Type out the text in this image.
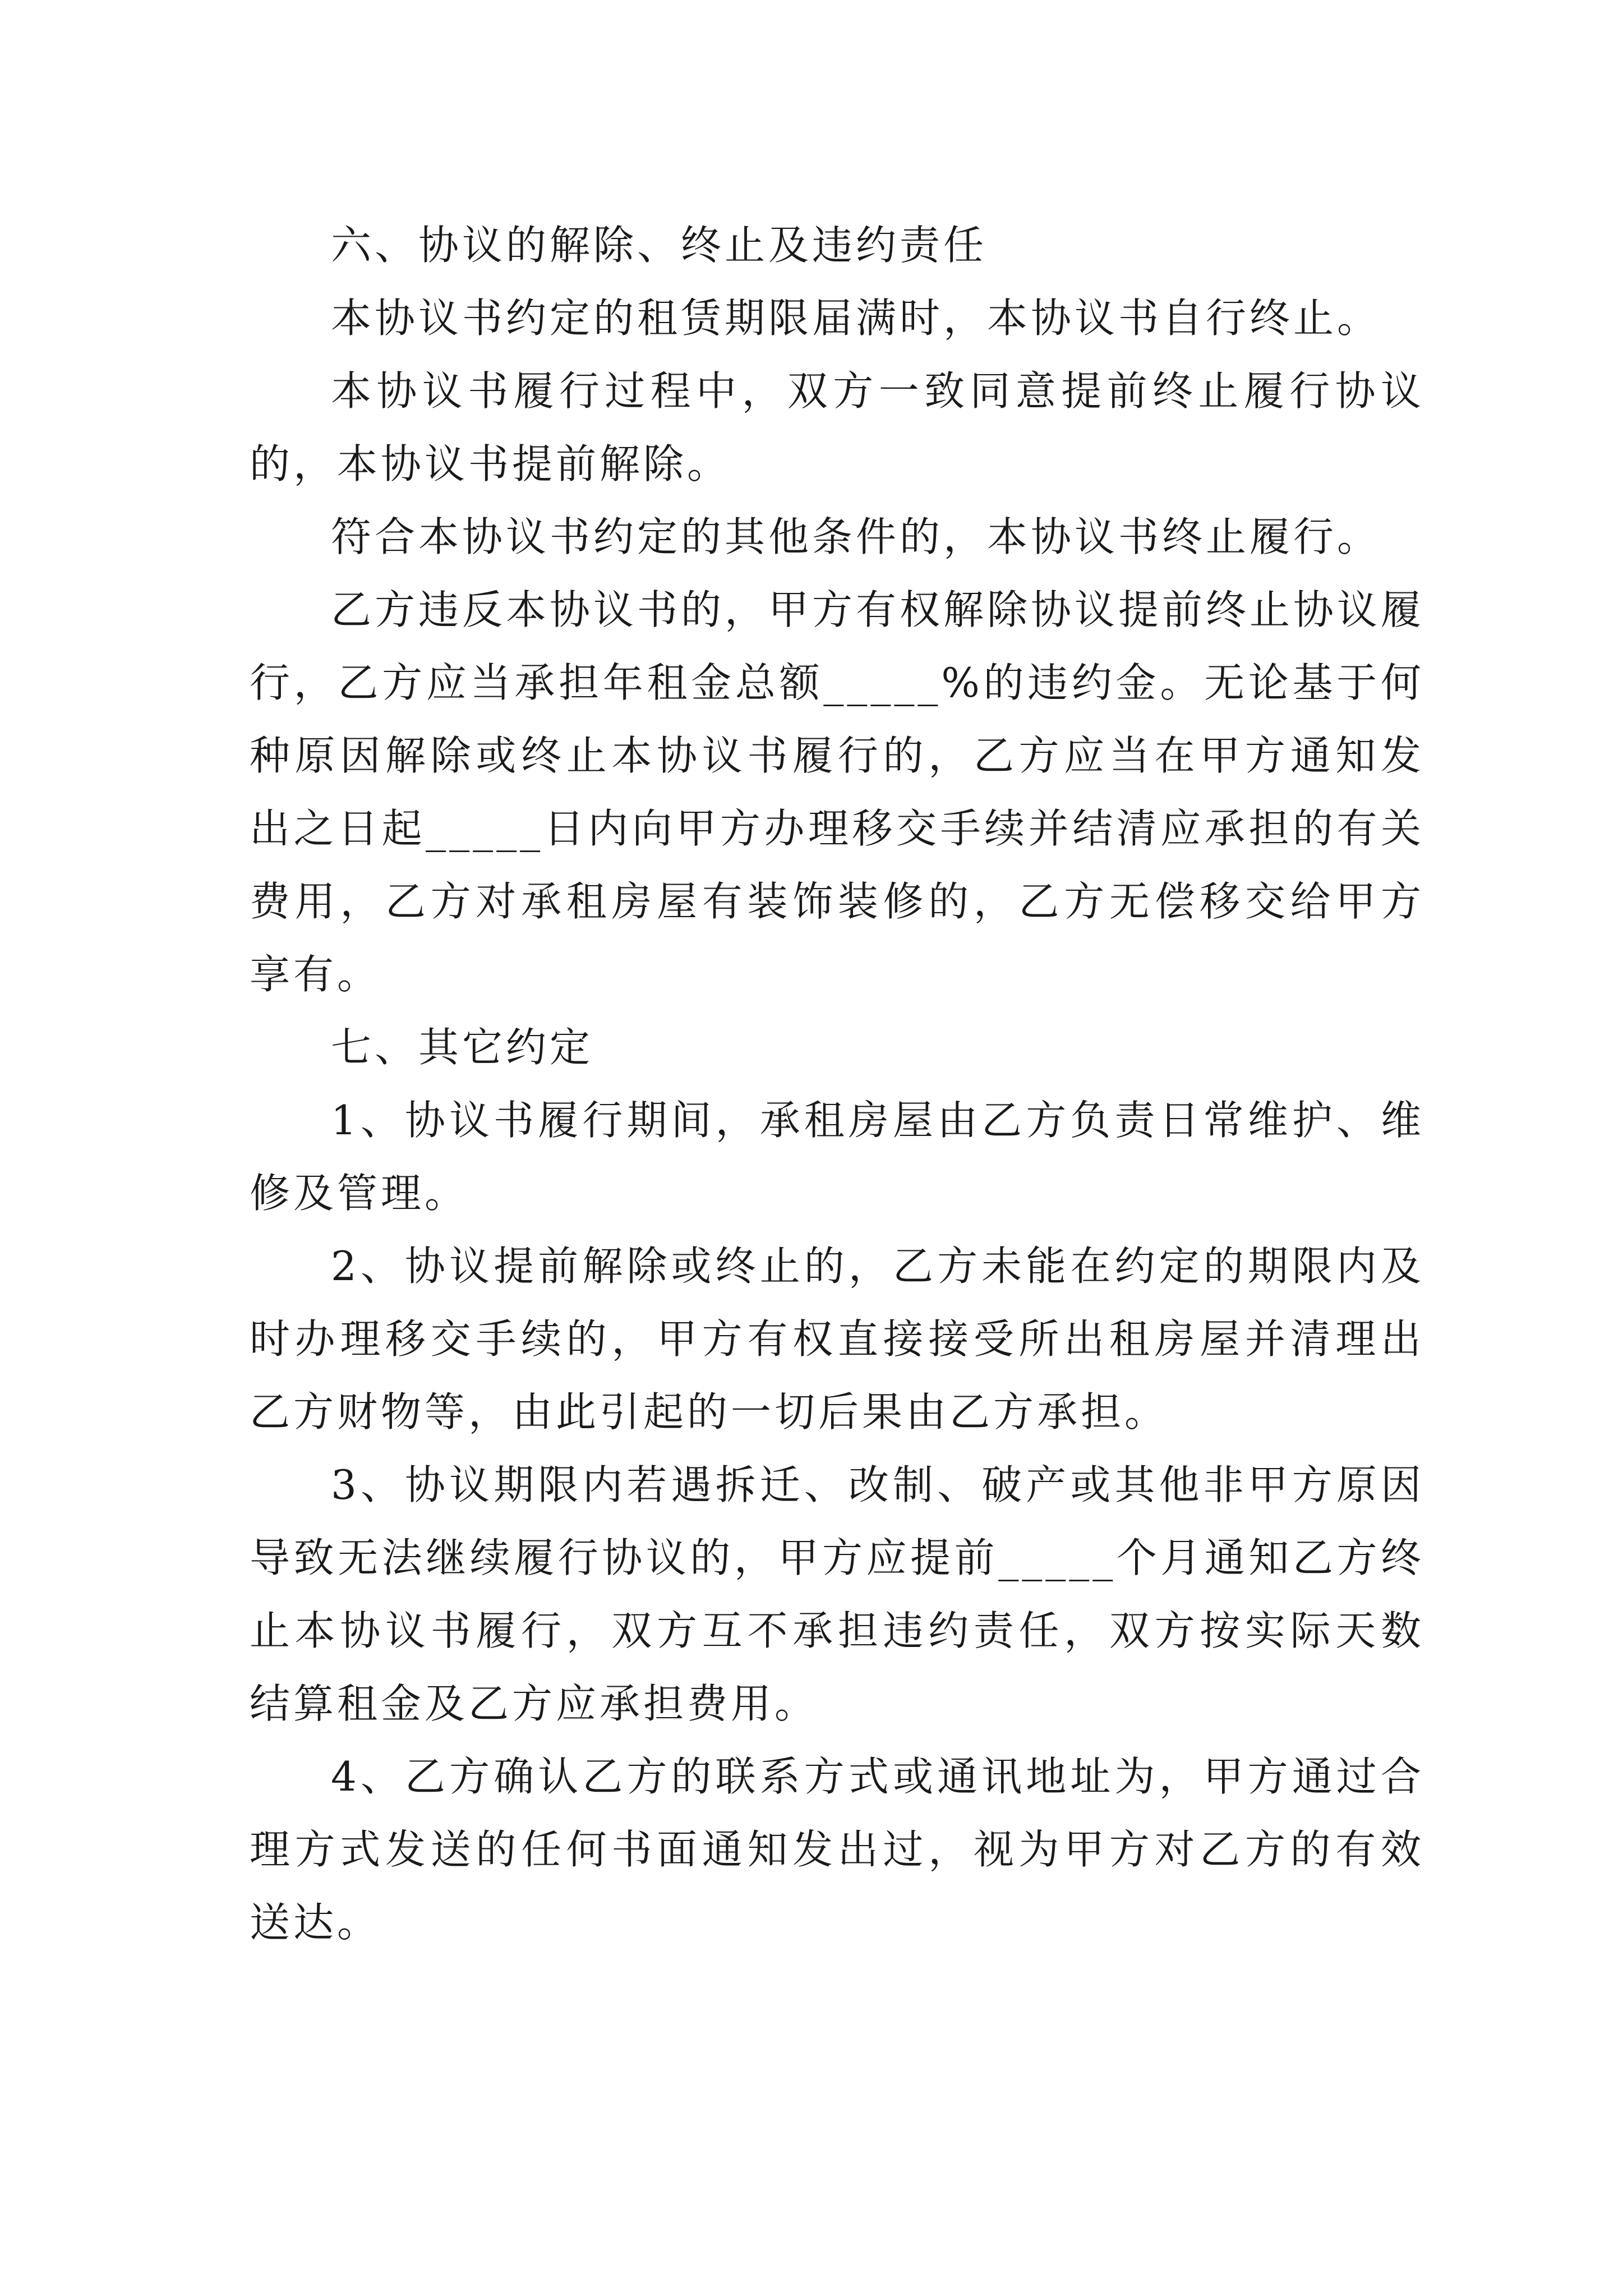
六、协议的解除、终止及违约责任

本协议书约定的租赁期限届满时，本协议书自行终止。

本协议书履行过程中，双方一致同意提前终止履行协议的，本协议书提前解除。

符合本协议书约定的其他条件的，本协议书终止履行。

乙方违反本协议书的，甲方有权解除协议提前终止协议履行，乙方应当承担年租金总额_____%的违约金。无论基于何种原因解除或终止本协议书履行的，乙方应当在甲方通知发出之日起_____日内向甲方办理移交手续并结清应承担的有关费用，乙方对承租房屋有装饰装修的，乙方无偿移交给甲方享有。

七、其它约定

1、协议书履行期间，承租房屋由乙方负责日常维护、维修及管理。

2、协议提前解除或终止的，乙方未能在约定的期限内及时办理移交手续的，甲方有权直接接受所出租房屋并清理出乙方财物等，由此引起的一切后果由乙方承担。

3、协议期限内若遇拆迁、改制、破产或其他非甲方原因导致无法继续履行协议的，甲方应提前_____个月通知乙方终止本协议书履行，双方互不承担违约责任，双方按实际天数结算租金及乙方应承担费用。

4、乙方确认乙方的联系方式或通讯地址为，甲方通过合理方式发送的任何书面通知发出过，视为甲方对乙方的有效送达。
